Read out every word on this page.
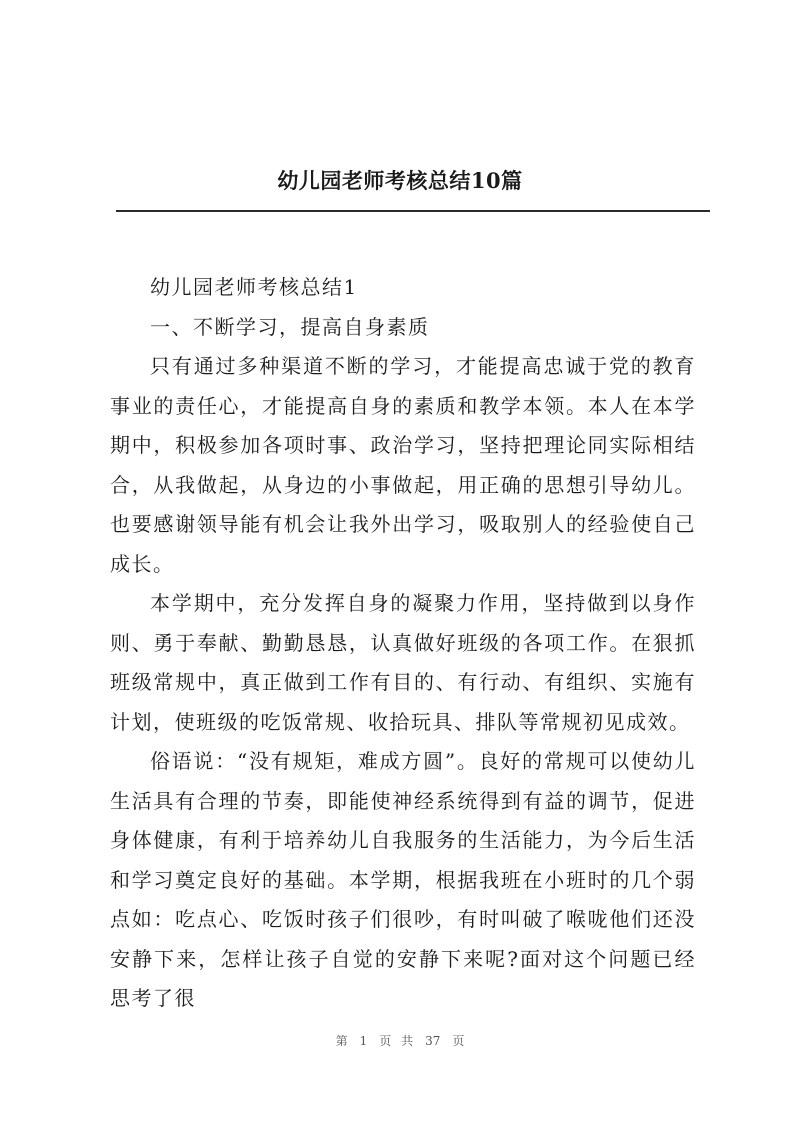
幼儿园老师考核总结10篇

幼儿园老师考核总结1

一、不断学习，提高自身素质

只有通过多种渠道不断的学习，才能提高忠诚于党的教育事业的责任心，才能提高自身的素质和教学本领。本人在本学期中，积极参加各项时事、政治学习，坚持把理论同实际相结合，从我做起，从身边的小事做起，用正确的思想引导幼儿。也要感谢领导能有机会让我外出学习，吸取别人的经验使自己成长。

本学期中，充分发挥自身的凝聚力作用，坚持做到以身作则、勇于奉献、勤勤恳恳，认真做好班级的各项工作。在狠抓班级常规中，真正做到工作有目的、有行动、有组织、实施有计划，使班级的吃饭常规、收拾玩具、排队等常规初见成效。

俗语说：“没有规矩，难成方圆”。良好的常规可以使幼儿生活具有合理的节奏，即能使神经系统得到有益的调节，促进身体健康，有利于培养幼儿自我服务的生活能力，为今后生活和学习奠定良好的基础。本学期，根据我班在小班时的几个弱点如：吃点心、吃饭时孩子们很吵，有时叫破了喉咙他们还没安静下来，怎样让孩子自觉的安静下来呢?面对这个问题已经思考了很

第 1 页 共 37 页
